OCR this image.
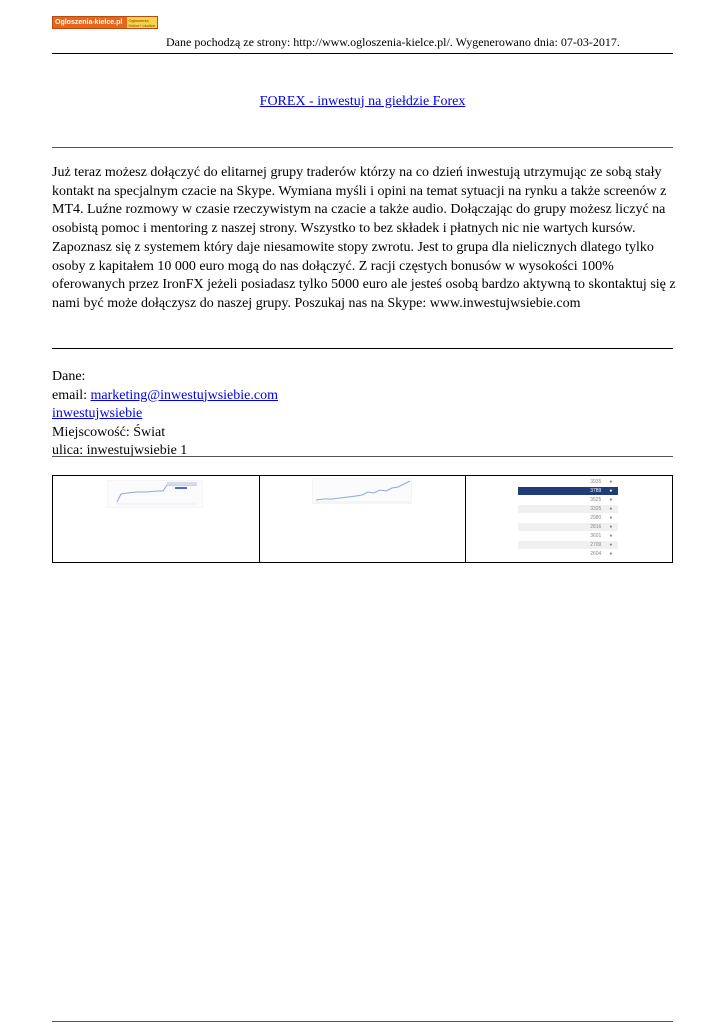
Ogloszenia-kielce.pl	Ogłoszenia
Kielce i okolice
Dane pochodzą ze strony: http://www.ogloszenia-kielce.pl/. Wygenerowano dnia: 07-03-2017.
FOREX - inwestuj na giełdzie Forex

Już teraz możesz dołączyć do elitarnej grupy traderów którzy na co dzień inwestują utrzymując ze sobą stały kontakt na specjalnym czacie na Skype. Wymiana myśli i opini na temat sytuacji na rynku a także screenów z MT4. Luźne rozmowy w czasie rzeczywistym na czacie a także audio. Dołączając do grupy możesz liczyć na osobistą pomoc i mentoring z naszej strony. Wszystko to bez składek i płatnych nic nie wartych kursów. Zapoznasz się z systemem który daje niesamowite stopy zwrotu. Jest to grupa dla nielicznych dlatego tylko osoby z kapitałem 10 000 euro mogą do nas dołączyć. Z racji częstych bonusów w wysokości 100% oferowanych przez IronFX jeżeli posiadasz tylko 5000 euro ale jesteś osobą bardzo aktywną to skontaktuj się z nami być może dołączysz do naszej grupy. Poszukaj nas na Skype: www.inwestujwsiebie.com

Dane:
email: marketing@inwestujwsiebie.com
inwestujwsiebie
Miejscowość: Świat
ulica: inwestujwsiebie 1
3935 ●
3789 ●
3525 ●
3325 ●
2980 ●
2816 ●
3601 ●
2709 ●
2604 ●
